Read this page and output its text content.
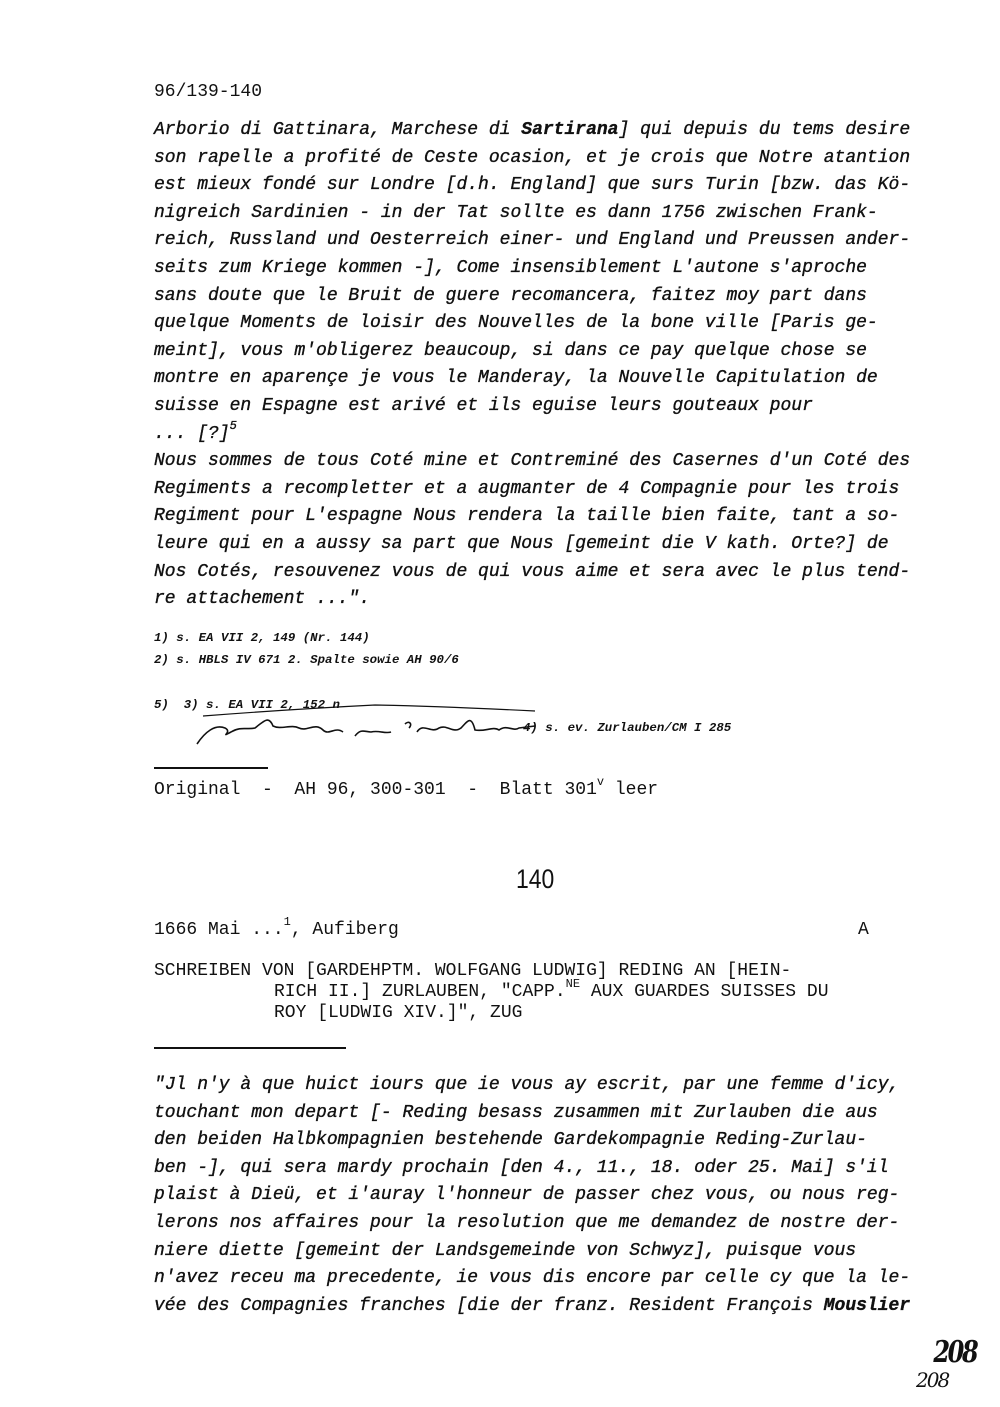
96/139-140
Arborio di Gattinara, Marchese di Sartirana] qui depuis du tems desire
son rapelle a profité de Ceste ocasion, et je crois que Notre atantion
est mieux fondé sur Londre [d.h. England] que surs Turin [bzw. das Kö-
nigreich Sardinien - in der Tat sollte es dann 1756 zwischen Frank-
reich, Russland und Oesterreich einer- und England und Preussen ander-
seits zum Kriege kommen -], Come insensiblement L'autone s'aproche
sans doute que le Bruit de guere recomancera, faitez moy part dans
quelque Moments de loisir des Nouvelles de la bone ville [Paris ge-
meint], vous m'obligerez beaucoup, si dans ce pay quelque chose se
montre en aparençe je vous le Manderay, la Nouvelle Capitulation de
suisse en Espagne est arivé et ils eguise leurs gouteaux pour
... [?]$^5$
Nous sommes de tous Coté mine et Contreminé des Casernes d'un Coté des
Regiments a recompletter et a augmanter de 4 Compagnie pour les trois
Regiment pour L'espagne Nous rendera la taille bien faite, tant a so-
leure qui en a aussy sa part que Nous [gemeint die V kath. Orte?] de
Nos Cotés, resouvenez vous de qui vous aime et sera avec le plus tend-
re attachement ...".
1) s. EA VII 2, 149 (Nr. 144)
2) s. HBLS IV 671 2. Spalte sowie AH 90/6

3) s. EA VII 2, 152 n

4) s. ev. Zurlauben/CM I 285

5)
Original  -  AH 96, 300-301  -  Blatt 301$^v$ leer
140
1666 Mai ...$^1$, Aufiberg	A
SCHREIBEN VON [GARDEHPTM. WOLFGANG LUDWIG] REDING AN [HEIN-
RICH II.] ZURLAUBEN, "CAPP.$^{NE}$ AUX GUARDES SUISSES DU
ROY [LUDWIG XIV.]", ZUG
"Jl n'y à que huict iours que ie vous ay escrit, par une femme d'icy,
touchant mon depart [- Reding besass zusammen mit Zurlauben die aus
den beiden Halbkompagnien bestehende Gardekompagnie Reding-Zurlau-
ben -], qui sera mardy prochain [den 4., 11., 18. oder 25. Mai] s'il
plaist à Dieü, et i'auray l'honneur de passer chez vous, ou nous reg-
lerons nos affaires pour la resolution que me demandez de nostre der-
niere diette [gemeint der Landsgemeinde von Schwyz], puisque vous
n'avez receu ma precedente, ie vous dis encore par celle cy que la le-
vée des Compagnies franches [die der franz. Resident François Mouslier
208
208
